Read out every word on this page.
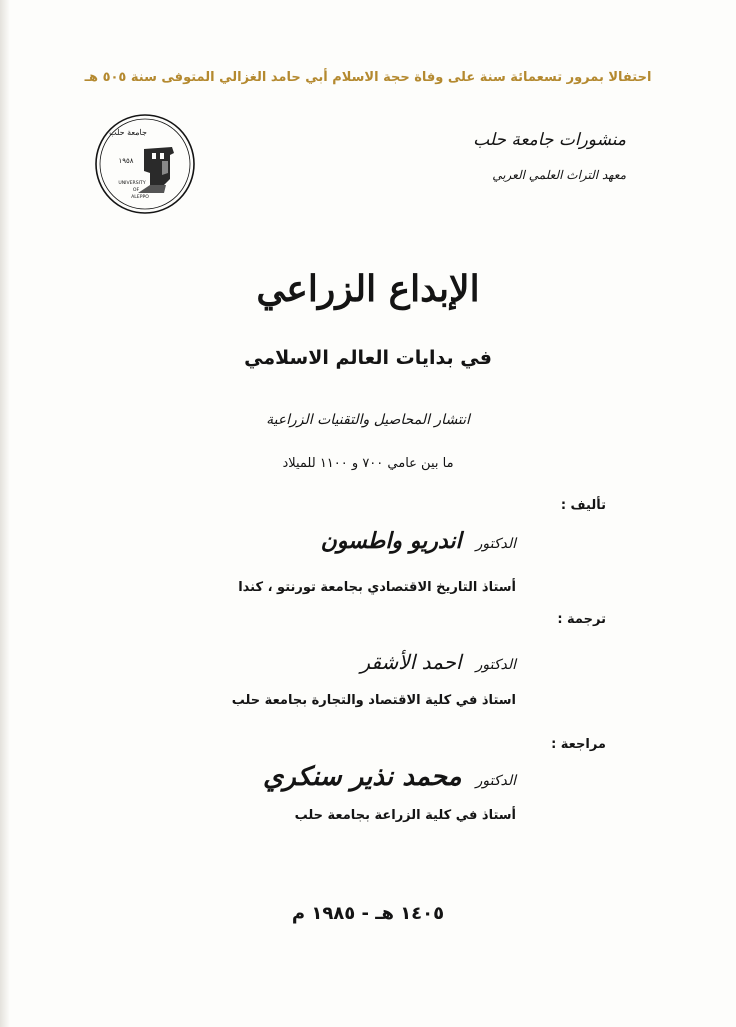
احتفالا بمرور تسعمائة سنة على وفاة حجة الاسلام أبي حامد الغزالي المتوفى سنة ٥٠٥ هـ
جامعة حلب
١٩٥٨
UNIVERSITY
OF
ALEPPO
منشورات جامعة حلب
معهد التراث العلمي العربي
الإبداع الزراعي
في بدايات العالم الاسلامي
انتشار المحاصيل والتقنيات الزراعية
ما بين عامي ٧٠٠ و ١١٠٠ للميلاد
تأليف :
الدكتوراندريو واطسون
أستاذ التاريخ الاقتصادي بجامعة تورنتو ، كندا
ترجمة :
الدكتوراحمد الأشقر
استاذ في كلية الاقتصاد والتجارة بجامعة حلب
مراجعة :
الدكتورمحمد نذير سنكري
أستاذ في كلية الزراعة بجامعة حلب
١٤٠٥ هـ - ١٩٨٥ م
